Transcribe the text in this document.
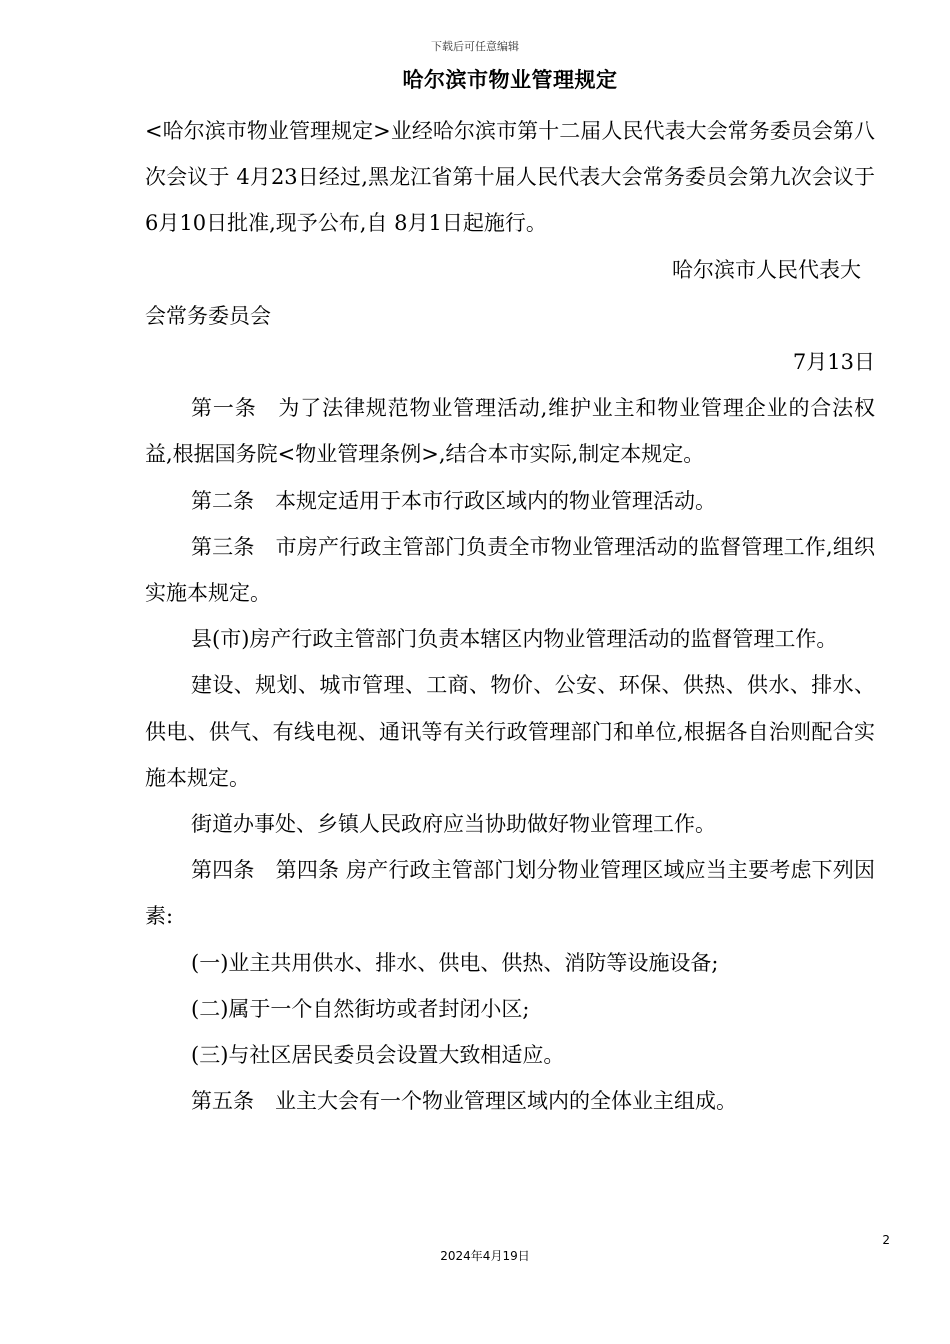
下载后可任意编辑
哈尔滨市物业管理规定

<哈尔滨市物业管理规定>业经哈尔滨市第十二届人民代表大会常务委员会第八次会议于 4月23日经过,黑龙江省第十届人民代表大会常务委员会第九次会议于 6月10日批准,现予公布,自 8月1日起施行。

哈尔滨市人民代表大

会常务委员会

7月13日

第一条　为了法律规范物业管理活动,维护业主和物业管理企业的合法权益,根据国务院<物业管理条例>,结合本市实际,制定本规定。

第二条　本规定适用于本市行政区域内的物业管理活动。

第三条　市房产行政主管部门负责全市物业管理活动的监督管理工作,组织实施本规定。

县(市)房产行政主管部门负责本辖区内物业管理活动的监督管理工作。

建设、规划、城市管理、工商、物价、公安、环保、供热、供水、排水、供电、供气、有线电视、通讯等有关行政管理部门和单位,根据各自治则配合实施本规定。

街道办事处、乡镇人民政府应当协助做好物业管理工作。

第四条　第四条 房产行政主管部门划分物业管理区域应当主要考虑下列因素:

(一)业主共用供水、排水、供电、供热、消防等设施设备;

(二)属于一个自然街坊或者封闭小区;

(三)与社区居民委员会设置大致相适应。

第五条　业主大会有一个物业管理区域内的全体业主组成。

2
2024年4月19日
